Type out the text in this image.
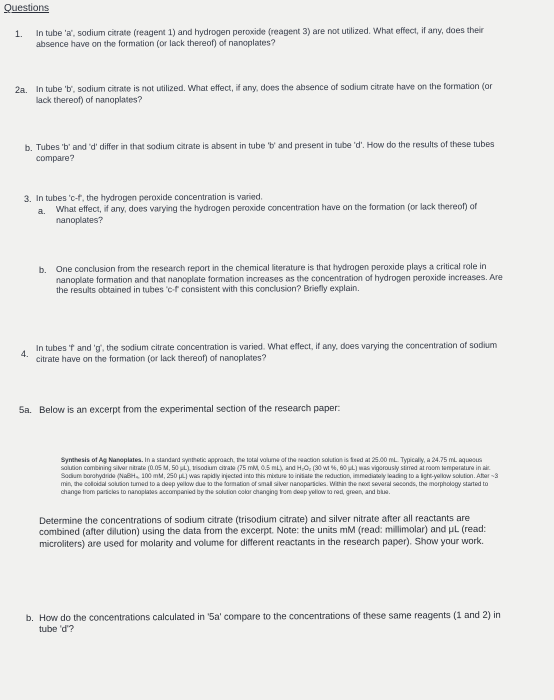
Questions
1. In tube 'a', sodium citrate (reagent 1) and hydrogen peroxide (reagent 3) are not utilized. What effect, if any, does their absence have on the formation (or lack thereof) of nanoplates?
2a. In tube 'b', sodium citrate is not utilized. What effect, if any, does the absence of sodium citrate have on the formation (or lack thereof) of nanoplates?
b. Tubes 'b' and 'd' differ in that sodium citrate is absent in tube 'b' and present in tube 'd'. How do the results of these tubes compare?
3. In tubes 'c-f', the hydrogen peroxide concentration is varied.
a. What effect, if any, does varying the hydrogen peroxide concentration have on the formation (or lack thereof) of nanoplates?
b. One conclusion from the research report in the chemical literature is that hydrogen peroxide plays a critical role in nanoplate formation and that nanoplate formation increases as the concentration of hydrogen peroxide increases. Are the results obtained in tubes 'c-f' consistent with this conclusion? Briefly explain.
4.
In tubes 'f' and 'g', the sodium citrate concentration is varied. What effect, if any, does varying the concentration of sodium citrate have on the formation (or lack thereof) of nanoplates?
5a. Below is an excerpt from the experimental section of the research paper:
Synthesis of Ag Nanoplates. In a standard synthetic approach, the total volume of the reaction solution is fixed at 25.00 mL. Typically, a 24.75 mL aqueous solution combining silver nitrate (0.05 M, 50 μL), trisodium citrate (75 mM, 0.5 mL), and H₂O₂ (30 wt %, 60 μL) was vigorously stirred at room temperature in air. Sodium borohydride (NaBH₄, 100 mM, 250 μL) was rapidly injected into this mixture to initiate the reduction, immediately leading to a light-yellow solution. After ~3 min, the colloidal solution turned to a deep yellow due to the formation of small silver nanoparticles. Within the next several seconds, the morphology started to change from particles to nanoplates accompanied by the solution color changing from deep yellow to red, green, and blue.
Determine the concentrations of sodium citrate (trisodium citrate) and silver nitrate after all reactants are combined (after dilution) using the data from the excerpt. Note: the units mM (read: millimolar) and μL (read: microliters) are used for molarity and volume for different reactants in the research paper). Show your work.
b. How do the concentrations calculated in '5a' compare to the concentrations of these same reagents (1 and 2) in tube 'd'?
